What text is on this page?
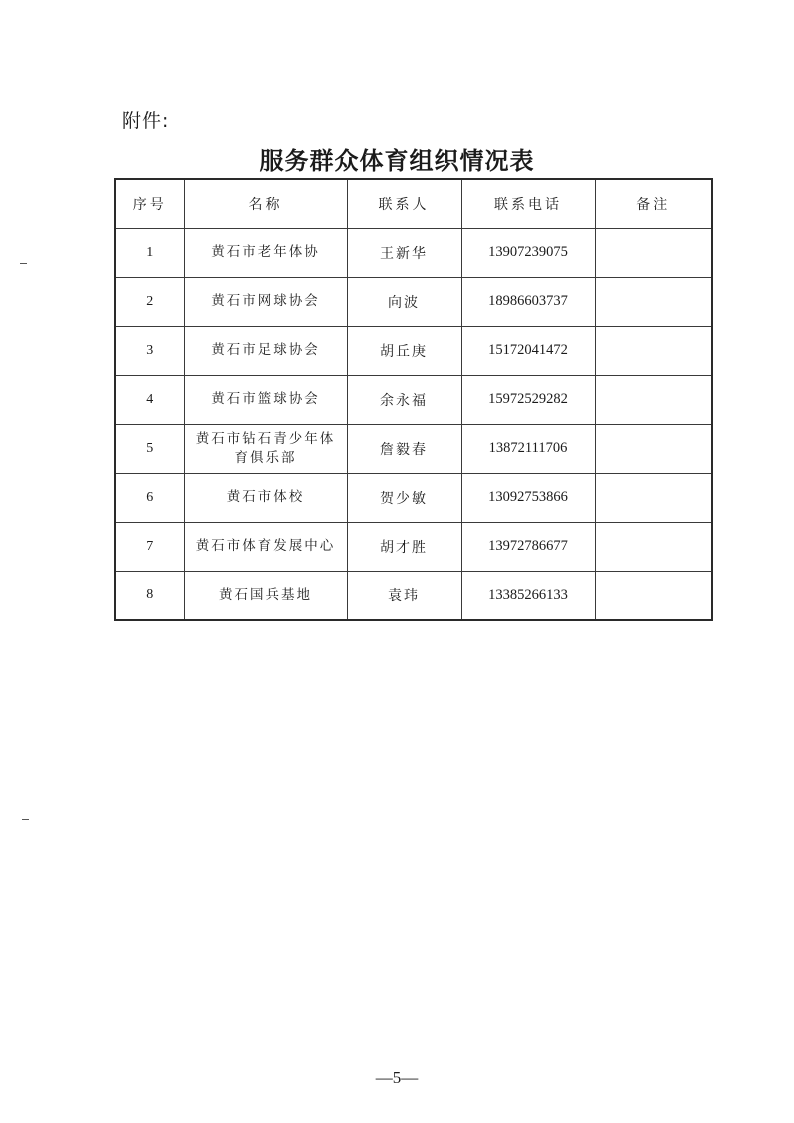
附件:
服务群众体育组织情况表
序号	名称	联系人	联系电话	备注
1	黄石市老年体协	王新华	13907239075	
2	黄石市网球协会	向波	18986603737	
3	黄石市足球协会	胡丘庚	15172041472	
4	黄石市篮球协会	余永福	15972529282	
5	黄石市钻石青少年体育俱乐部	詹毅春	13872111706	
6	黄石市体校	贺少敏	13092753866	
7	黄石市体育发展中心	胡才胜	13972786677	
8	黄石国兵基地	袁玮	13385266133	
—5—
